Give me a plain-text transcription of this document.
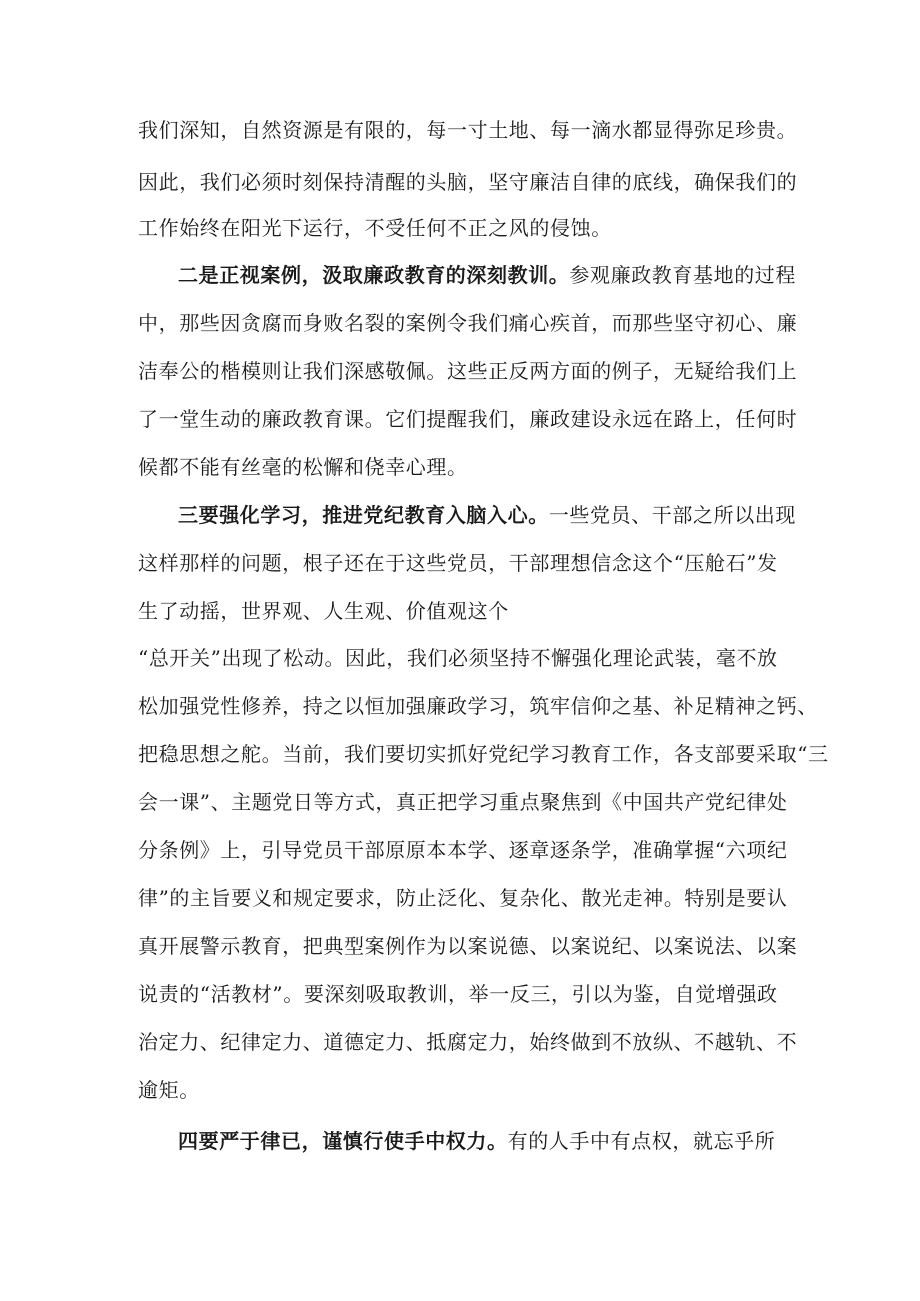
我们深知，自然资源是有限的，每一寸土地、每一滴水都显得弥足珍贵。
因此，我们必须时刻保持清醒的头脑，坚守廉洁自律的底线，确保我们的
工作始终在阳光下运行，不受任何不正之风的侵蚀。
二是正视案例，汲取廉政教育的深刻教训。参观廉政教育基地的过程
中，那些因贪腐而身败名裂的案例令我们痛心疾首，而那些坚守初心、廉
洁奉公的楷模则让我们深感敬佩。这些正反两方面的例子，无疑给我们上
了一堂生动的廉政教育课。它们提醒我们，廉政建设永远在路上，任何时
候都不能有丝毫的松懈和侥幸心理。
三要强化学习，推进党纪教育入脑入心。一些党员、干部之所以出现
这样那样的问题，根子还在于这些党员，干部理想信念这个“压舱石”发
生了动摇，世界观、人生观、价值观这个
“总开关”出现了松动。因此，我们必须坚持不懈强化理论武装，毫不放
松加强党性修养，持之以恒加强廉政学习，筑牢信仰之基、补足精神之钙、
把稳思想之舵。当前，我们要切实抓好党纪学习教育工作，各支部要采取“三
会一课”、主题党日等方式，真正把学习重点聚焦到《中国共产党纪律处
分条例》上，引导党员干部原原本本学、逐章逐条学，准确掌握“六项纪
律”的主旨要义和规定要求，防止泛化、复杂化、散光走神。特别是要认
真开展警示教育，把典型案例作为以案说德、以案说纪、以案说法、以案
说责的“活教材”。要深刻吸取教训，举一反三，引以为鉴，自觉增强政
治定力、纪律定力、道德定力、抵腐定力，始终做到不放纵、不越轨、不
逾矩。
四要严于律已，谨慎行使手中权力。有的人手中有点权，就忘乎所
